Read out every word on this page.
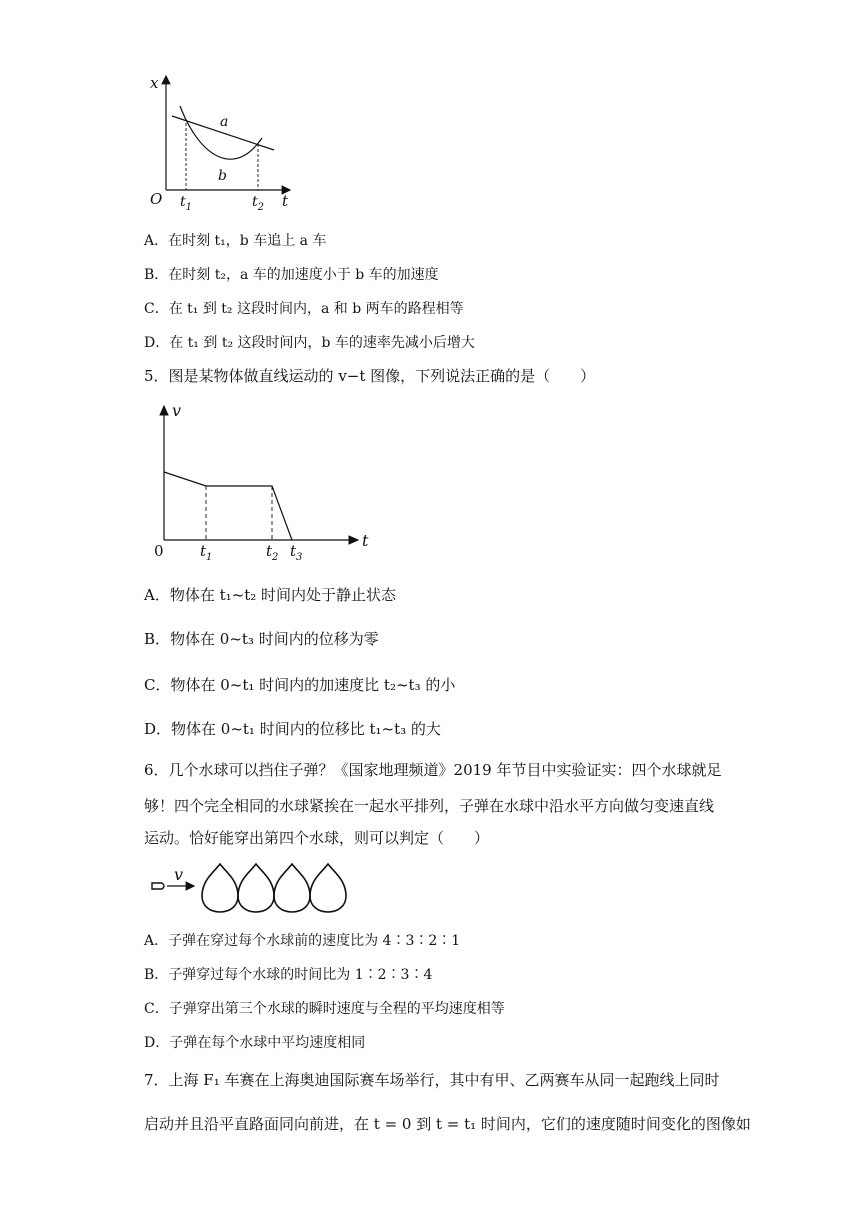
x
t
O
a
b
$t_1$	$t_2$
A．在时刻 t₁，b 车追上 a 车
B．在时刻 t₂，a 车的加速度小于 b 车的加速度
C．在 t₁ 到 t₂ 这段时间内，a 和 b 两车的路程相等
D．在 t₁ 到 t₂ 这段时间内，b 车的速率先减小后增大
5．图是某物体做直线运动的 v−t 图像，下列说法正确的是（　　）
v
t
0 $t_1$	$t_2$ $t_3$
A．物体在 t₁~t₂ 时间内处于静止状态
B．物体在 0~t₃ 时间内的位移为零
C．物体在 0~t₁ 时间内的加速度比 t₂~t₃ 的小
D．物体在 0~t₁ 时间内的位移比 t₁~t₃ 的大
6．几个水球可以挡住子弹？《国家地理频道》2019 年节目中实验证实：四个水球就足
够！四个完全相同的水球紧挨在一起水平排列，子弹在水球中沿水平方向做匀变速直线
运动。恰好能穿出第四个水球，则可以判定（　　）
v
A．子弹在穿过每个水球前的速度比为 4∶3∶2∶1
B．子弹穿过每个水球的时间比为 1∶2∶3∶4
C．子弹穿出第三个水球的瞬时速度与全程的平均速度相等
D．子弹在每个水球中平均速度相同
7．上海 F₁ 车赛在上海奥迪国际赛车场举行，其中有甲、乙两赛车从同一起跑线上同时
启动并且沿平直路面同向前进，在 t = 0 到 t = t₁ 时间内，它们的速度随时间变化的图像如
